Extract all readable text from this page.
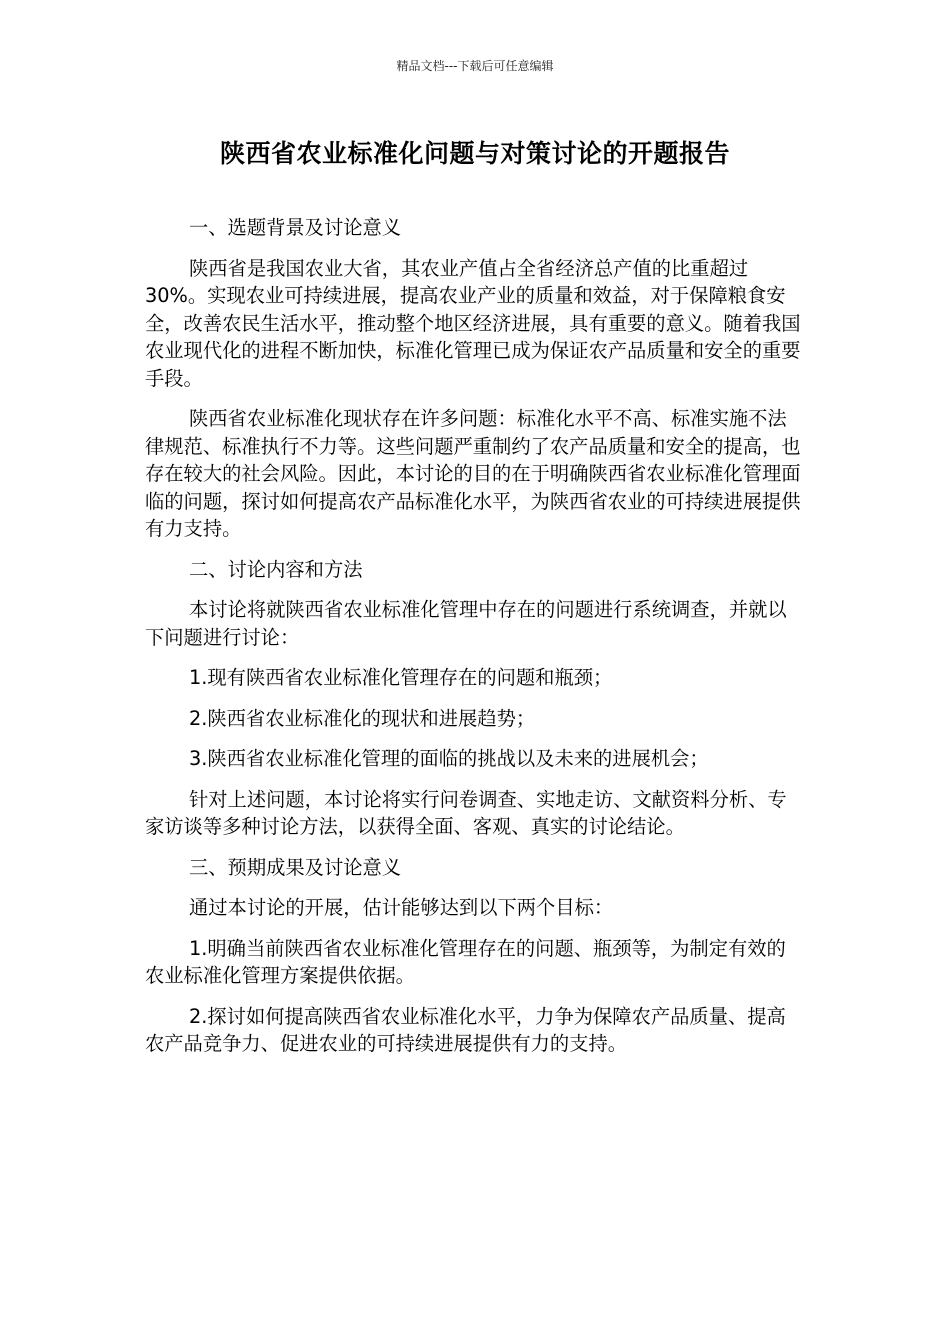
精品文档---下载后可任意编辑
陕西省农业标准化问题与对策讨论的开题报告

一、选题背景及讨论意义

陕西省是我国农业大省，其农业产值占全省经济总产值的比重超过30%。实现农业可持续进展，提高农业产业的质量和效益，对于保障粮食安全，改善农民生活水平，推动整个地区经济进展，具有重要的意义。随着我国农业现代化的进程不断加快，标准化管理已成为保证农产品质量和安全的重要手段。

陕西省农业标准化现状存在许多问题：标准化水平不高、标准实施不法律规范、标准执行不力等。这些问题严重制约了农产品质量和安全的提高，也存在较大的社会风险。因此，本讨论的目的在于明确陕西省农业标准化管理面临的问题，探讨如何提高农产品标准化水平，为陕西省农业的可持续进展提供有力支持。

二、讨论内容和方法

本讨论将就陕西省农业标准化管理中存在的问题进行系统调查，并就以下问题进行讨论：

1.现有陕西省农业标准化管理存在的问题和瓶颈；

2.陕西省农业标准化的现状和进展趋势；

3.陕西省农业标准化管理的面临的挑战以及未来的进展机会；

针对上述问题，本讨论将实行问卷调查、实地走访、文献资料分析、专家访谈等多种讨论方法，以获得全面、客观、真实的讨论结论。

三、预期成果及讨论意义

通过本讨论的开展，估计能够达到以下两个目标：

1.明确当前陕西省农业标准化管理存在的问题、瓶颈等，为制定有效的农业标准化管理方案提供依据。

2.探讨如何提高陕西省农业标准化水平，力争为保障农产品质量、提高农产品竞争力、促进农业的可持续进展提供有力的支持。
